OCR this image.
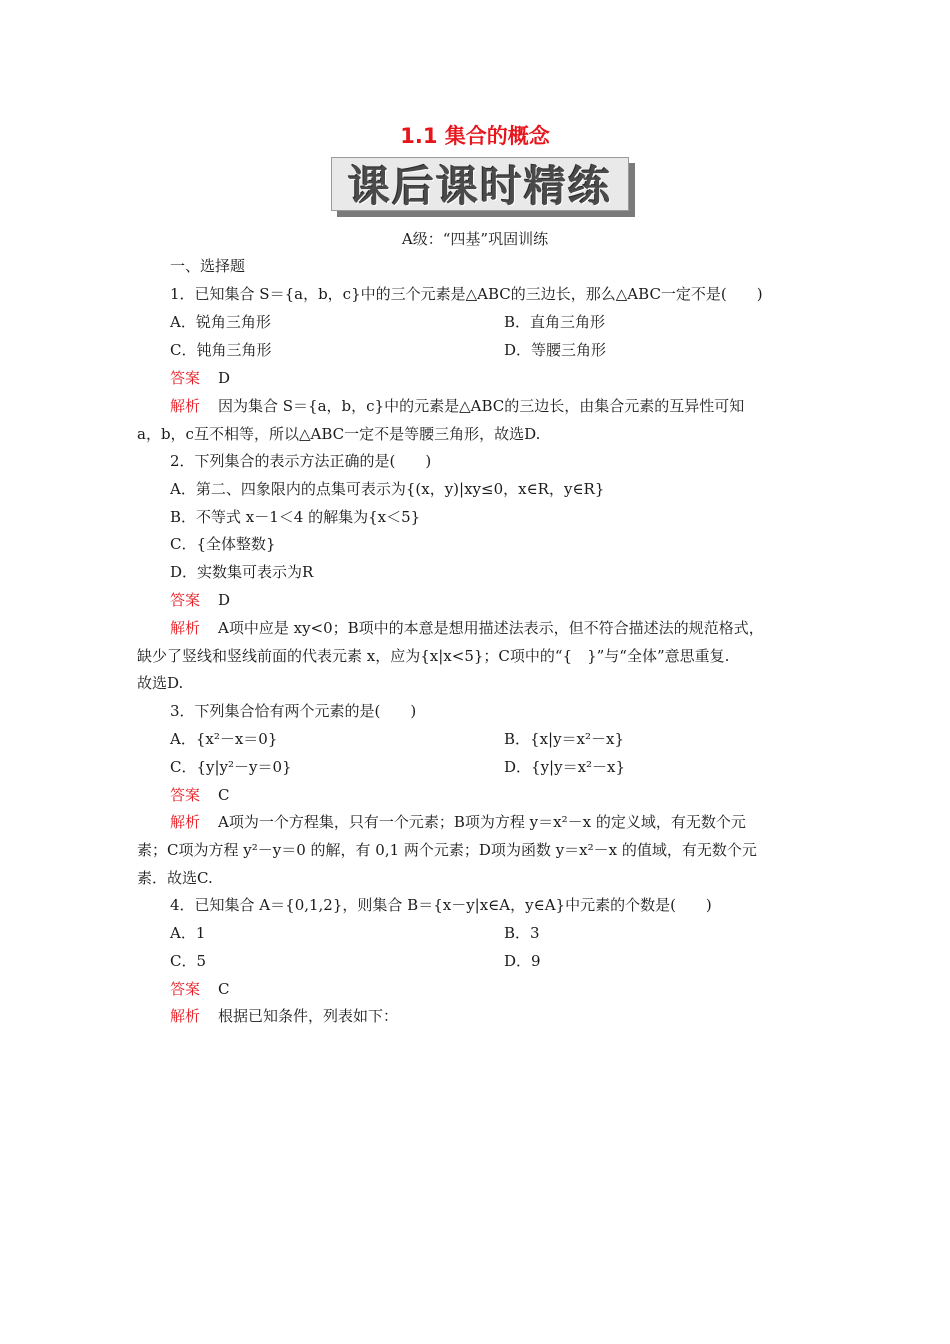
1.1 集合的概念
课后课时精练
A级：“四基”巩固训练
一、选择题
1．已知集合 S＝{a，b，c}中的三个元素是△ABC的三边长，那么△ABC一定不是(　　)
A．锐角三角形	B．直角三角形
C．钝角三角形	D．等腰三角形
答案 D
解析 因为集合 S＝{a，b，c}中的元素是△ABC的三边长，由集合元素的互异性可知
a，b，c互不相等，所以△ABC一定不是等腰三角形，故选D.
2．下列集合的表示方法正确的是(　　)
A．第二、四象限内的点集可表示为{(x，y)|xy≤0，x∈R，y∈R}
B．不等式 x－1＜4 的解集为{x＜5}
C．{全体整数}
D．实数集可表示为R
答案 D
解析 A项中应是 xy<0；B项中的本意是想用描述法表示，但不符合描述法的规范格式，
缺少了竖线和竖线前面的代表元素 x，应为{x|x<5}；C项中的“{　}”与“全体”意思重复.
故选D.
3．下列集合恰有两个元素的是(　　)
A．{x²－x＝0}	B．{x|y＝x²－x}
C．{y|y²－y＝0}	D．{y|y＝x²－x}
答案 C
解析 A项为一个方程集，只有一个元素；B项为方程 y＝x²－x 的定义域，有无数个元
素；C项为方程 y²－y＝0 的解，有 0,1 两个元素；D项为函数 y＝x²－x 的值域，有无数个元
素．故选C.
4．已知集合 A＝{0,1,2}，则集合 B＝{x－y|x∈A，y∈A}中元素的个数是(　　)
A．1	B．3
C．5	D．9
答案 C
解析 根据已知条件，列表如下：
